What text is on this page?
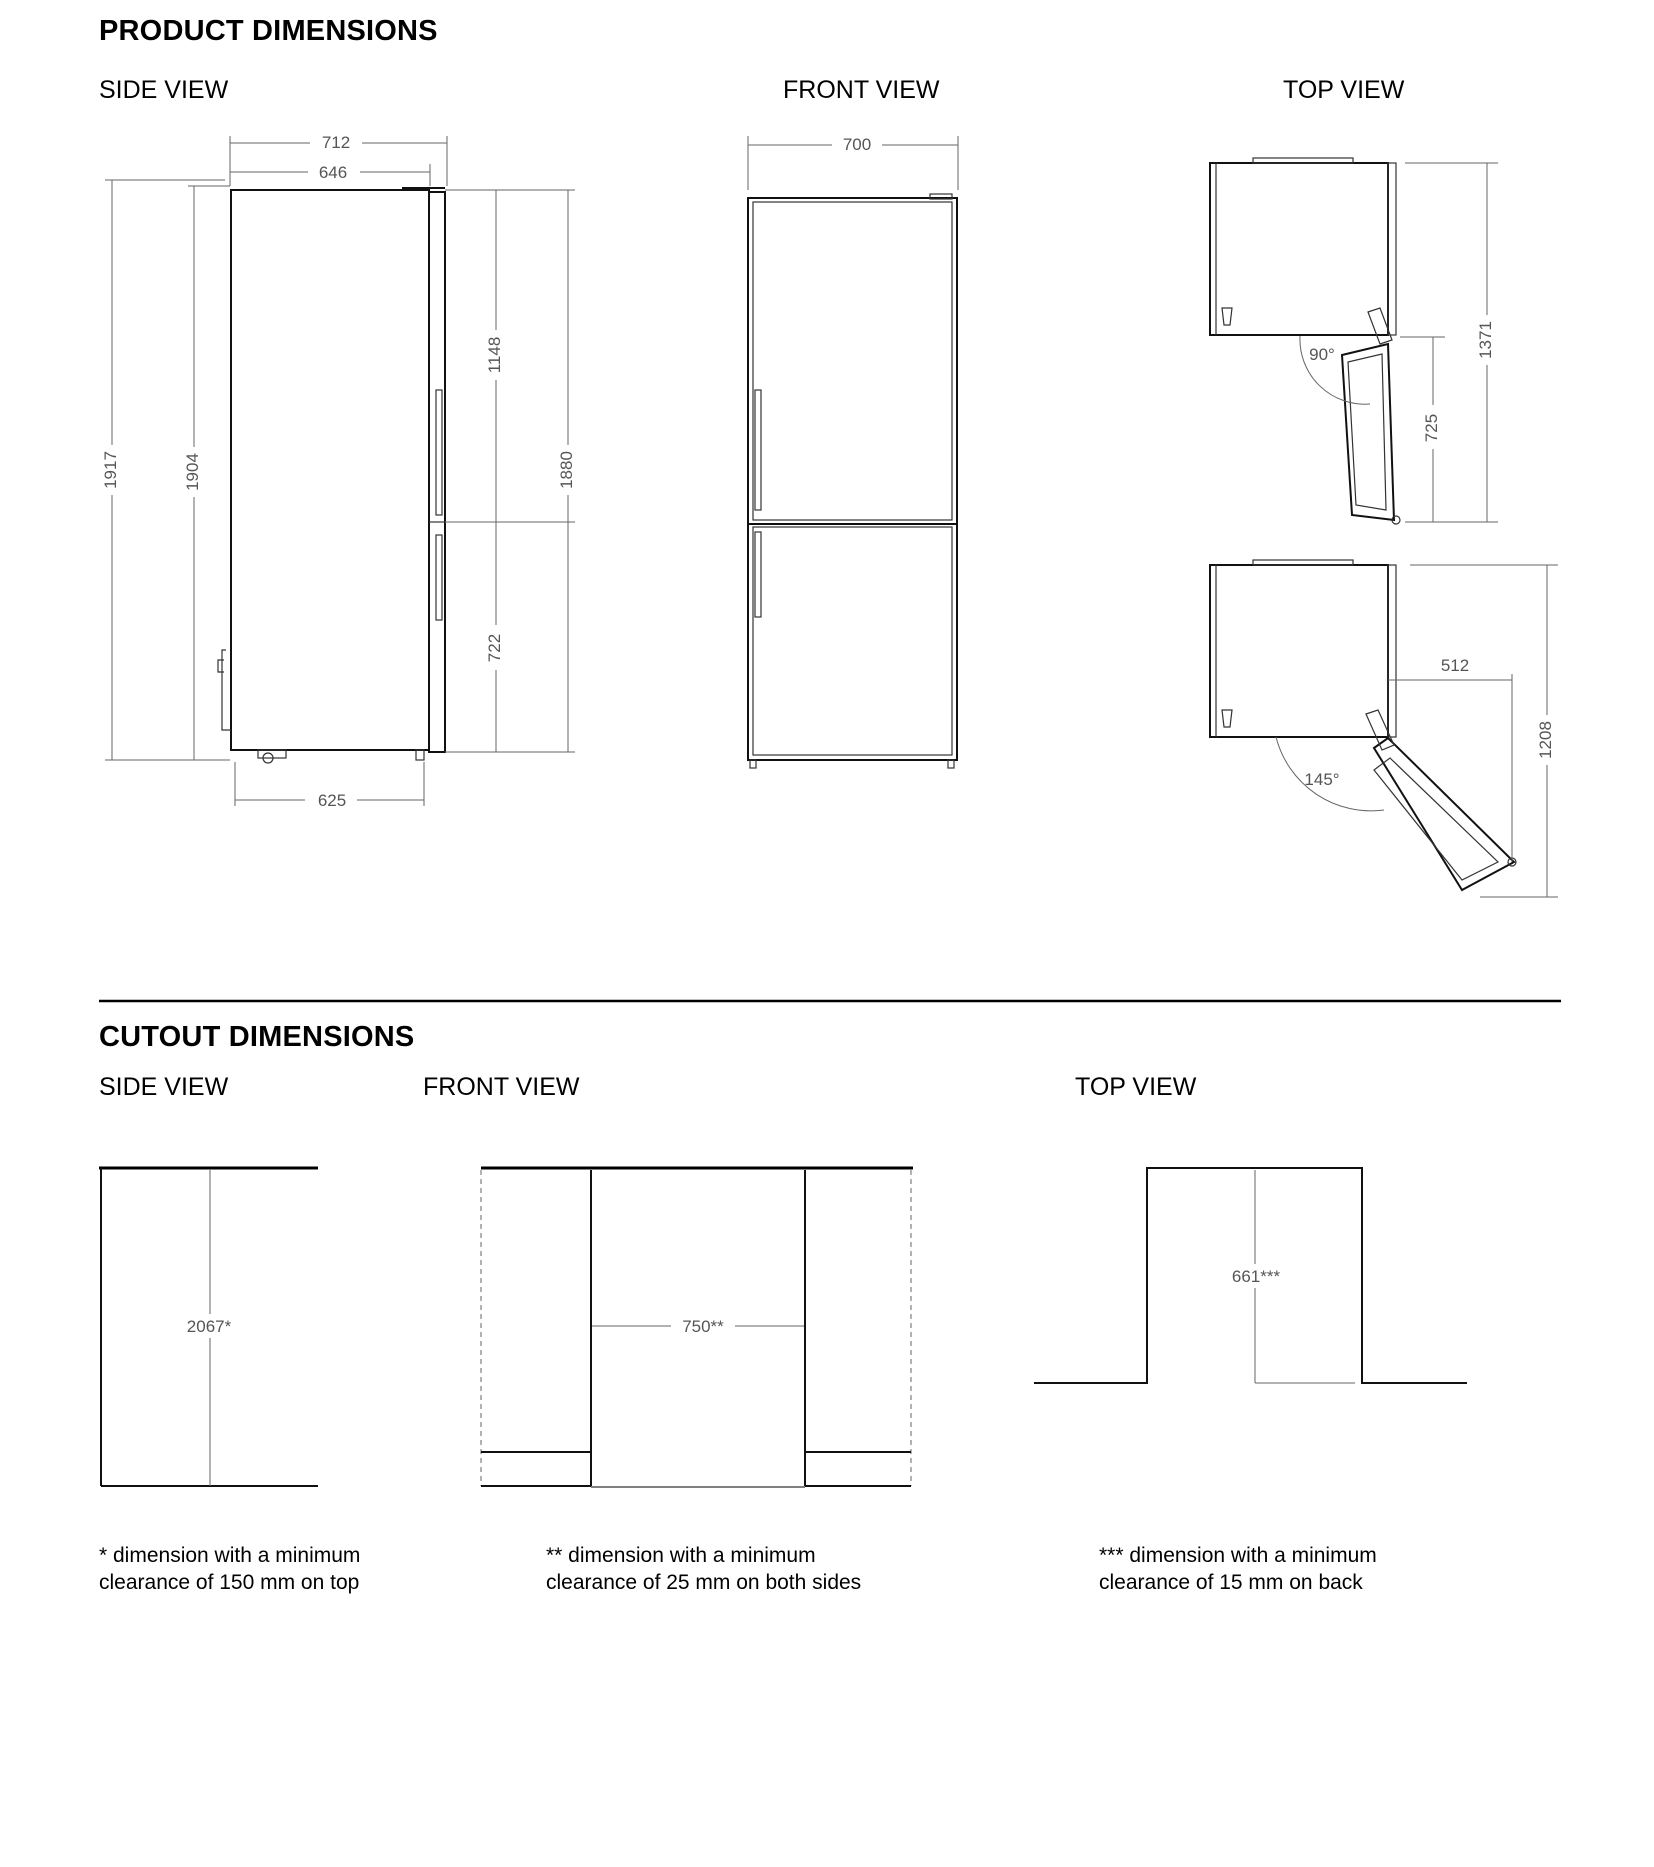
PRODUCT DIMENSIONS
SIDE VIEW	FRONT VIEW	TOP VIEW
CUTOUT DIMENSIONS
SIDE VIEW	FRONT VIEW	TOP VIEW
* dimension with a minimum clearance of 150 mm on top
** dimension with a minimum clearance of 25 mm on both sides
*** dimension with a minimum clearance of 15 mm on back
712
646
1917	1904
1148
722
1880
625
700
90°
725
1371
145°
512
1208
2067*	750**
661***
